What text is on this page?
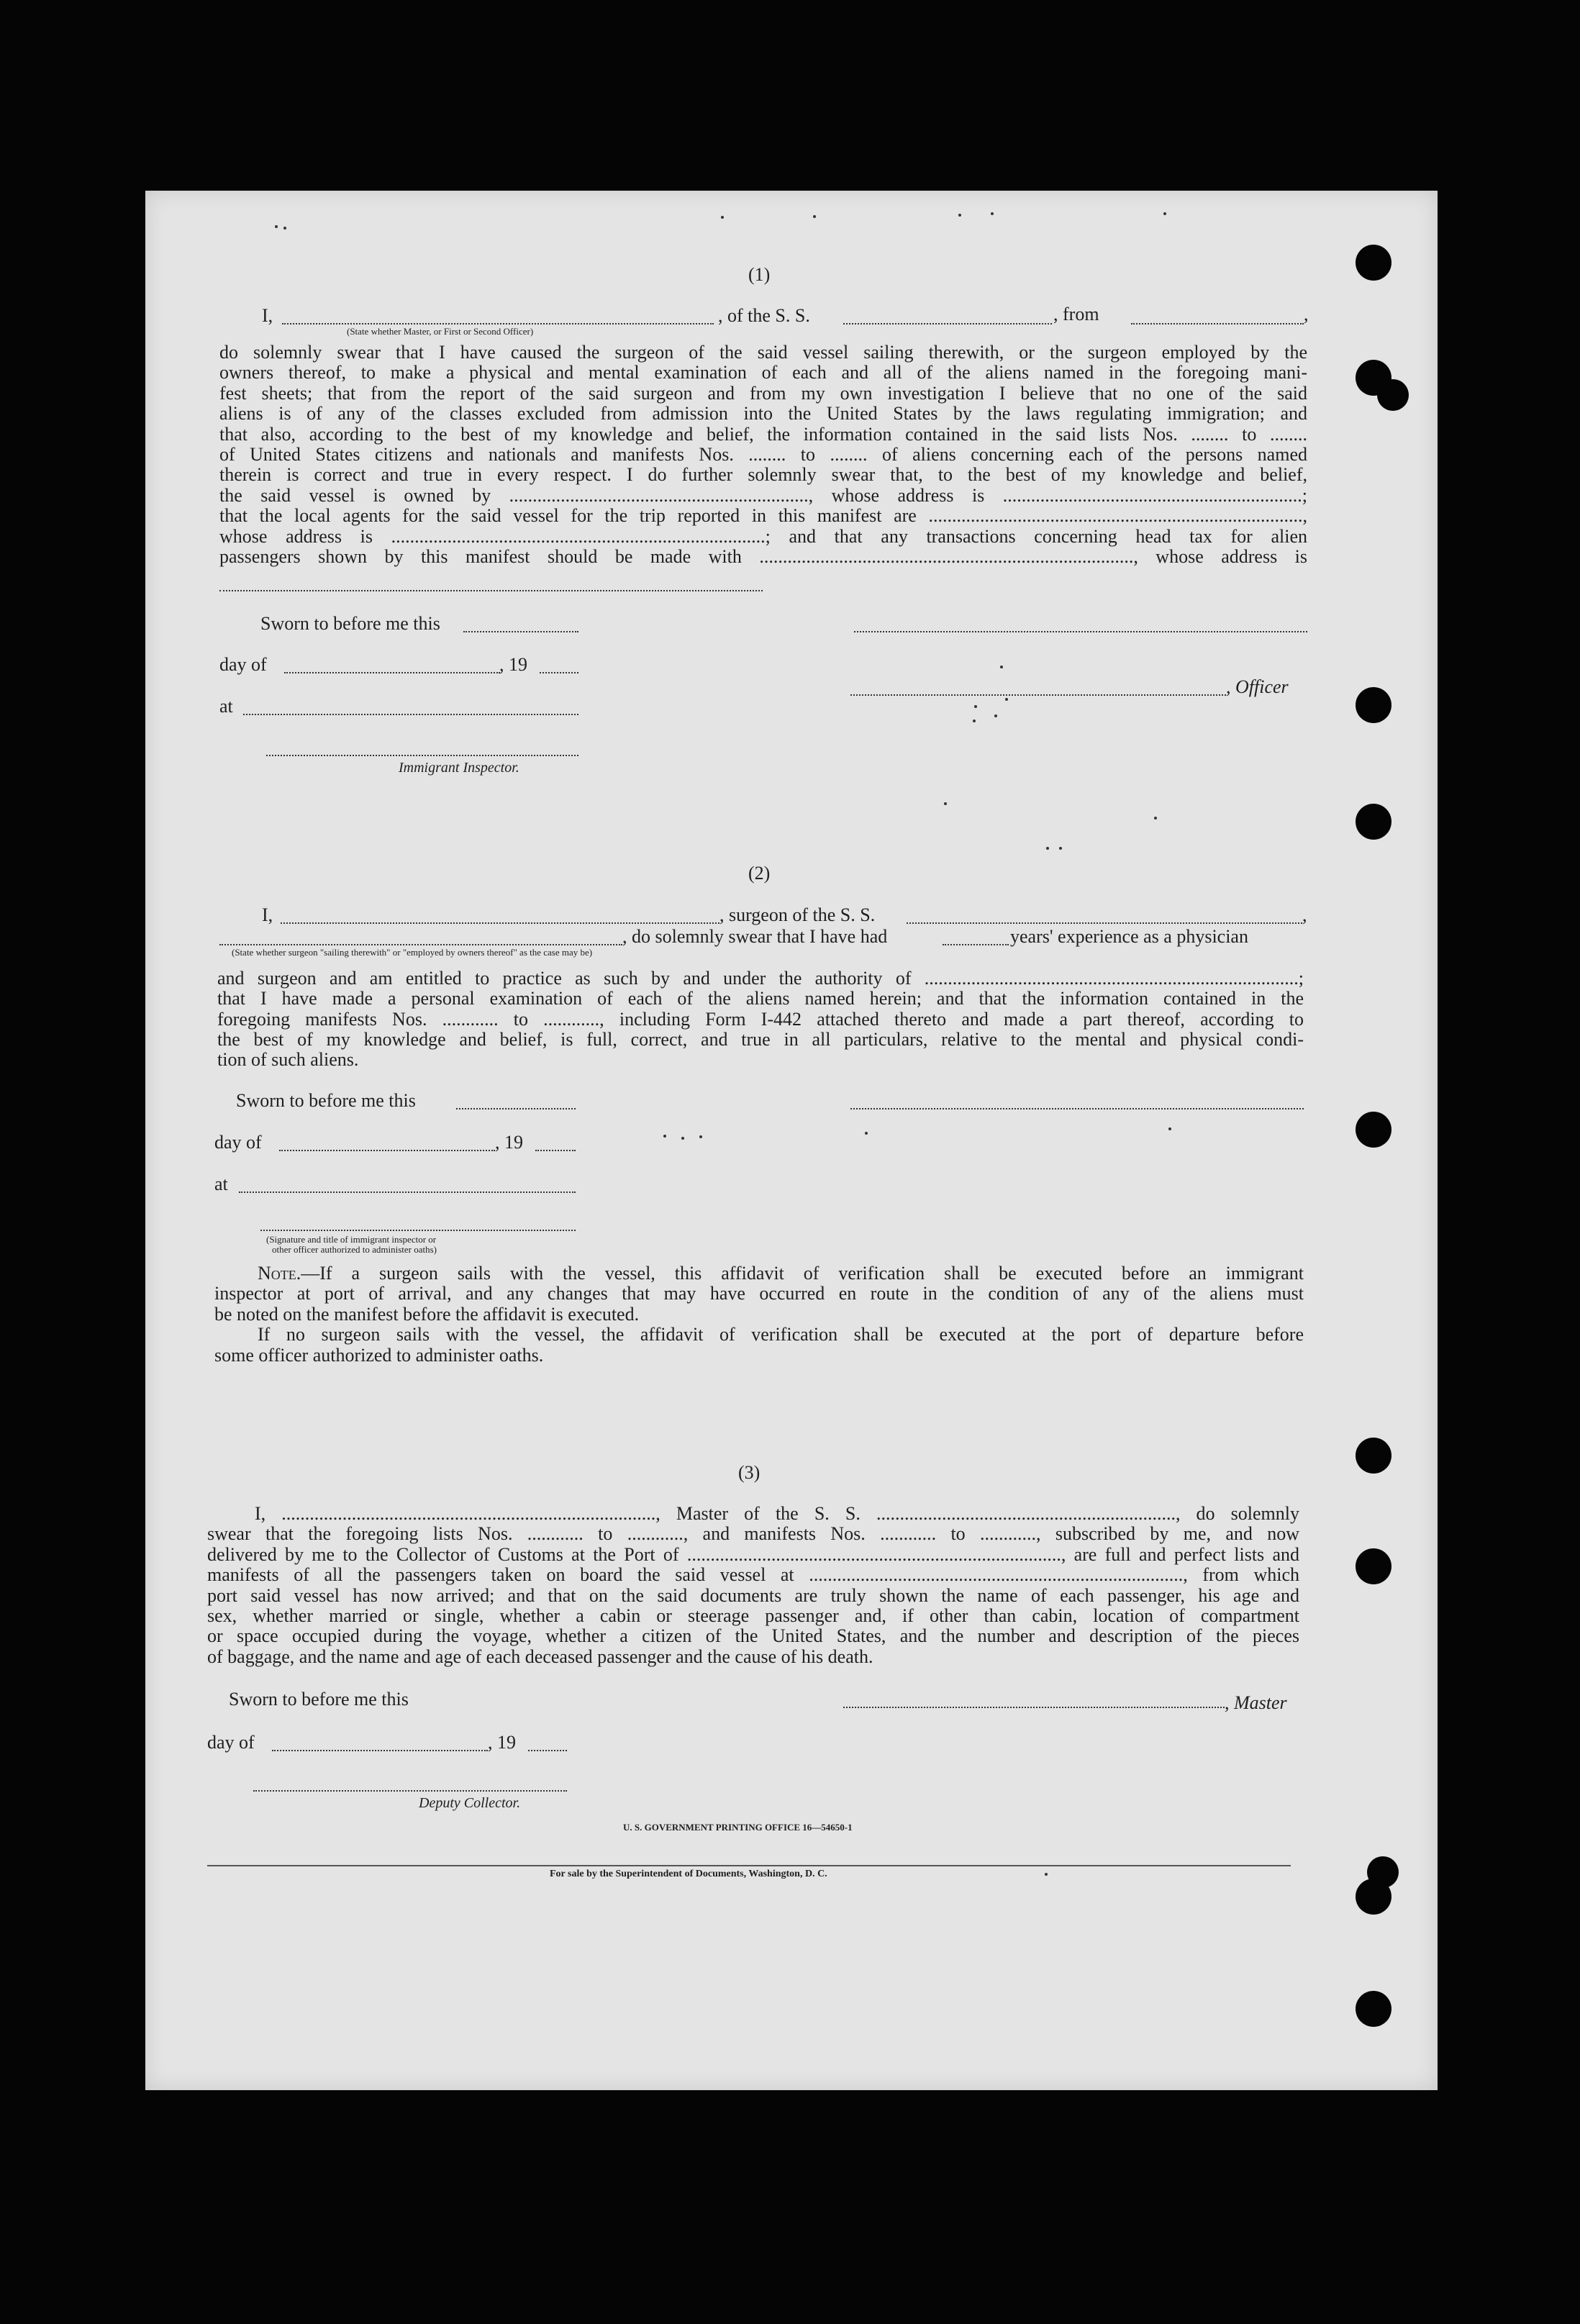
(1)
I,	, of the S. S.	, from	,
(State whether Master, or First or Second Officer)
do solemnly swear that I have caused the surgeon of the said vessel sailing therewith, or the surgeon employed by the
owners thereof, to make a physical and mental examination of each and all of the aliens named in the foregoing mani-
fest sheets; that from the report of the said surgeon and from my own investigation I believe that no one of the said
aliens is of any of the classes excluded from admission into the United States by the laws regulating immigration; and
that also, according to the best of my knowledge and belief, the information contained in the said lists Nos. ........ to ........
of United States citizens and nationals and manifests Nos. ........ to ........ of aliens concerning each of the persons named
therein is correct and true in every respect. I do further solemnly swear that, to the best of my knowledge and belief,
the said vessel is owned by ................................................................, whose address is ................................................................;
that the local agents for the said vessel for the trip reported in this manifest are ................................................................................,
whose address is ................................................................................; and that any transactions concerning head tax for alien
passengers shown by this manifest should be made with ................................................................................, whose address is
Sworn to before me this
day of	, 19
, Officer
at
Immigrant Inspector.
(2)
I,	, surgeon of the S. S.	,
, do solemnly swear that I have had	years' experience as a physician
(State whether surgeon "sailing therewith" or "employed by owners thereof" as the case may be)
and surgeon and am entitled to practice as such by and under the authority of ................................................................................;
that I have made a personal examination of each of the aliens named herein; and that the information contained in the
foregoing manifests Nos. ............ to ............, including Form I-442 attached thereto and made a part thereof, according to
the best of my knowledge and belief, is full, correct, and true in all particulars, relative to the mental and physical condi-
tion of such aliens.
Sworn to before me this
day of	, 19
at
(Signature and title of immigrant inspector or
other officer authorized to administer oaths)
Note.—If a surgeon sails with the vessel, this affidavit of verification shall be executed before an immigrant
inspector at port of arrival, and any changes that may have occurred en route in the condition of any of the aliens must
be noted on the manifest before the affidavit is executed.
If no surgeon sails with the vessel, the affidavit of verification shall be executed at the port of departure before
some officer authorized to administer oaths.
(3)
I, ................................................................................, Master of the S. S. ................................................................, do solemnly
swear that the foregoing lists Nos. ............ to ............, and manifests Nos. ............ to ............, subscribed by me, and now
delivered by me to the Collector of Customs at the Port of ................................................................................, are full and perfect lists and
manifests of all the passengers taken on board the said vessel at ................................................................................, from which
port said vessel has now arrived; and that on the said documents are truly shown the name of each passenger, his age and
sex, whether married or single, whether a cabin or steerage passenger and, if other than cabin, location of compartment
or space occupied during the voyage, whether a citizen of the United States, and the number and description of the pieces
of baggage, and the name and age of each deceased passenger and the cause of his death.
Sworn to before me this	, Master
day of	, 19
Deputy Collector.
U. S. GOVERNMENT PRINTING OFFICE 16—54650-1
For sale by the Superintendent of Documents, Washington, D. C.
